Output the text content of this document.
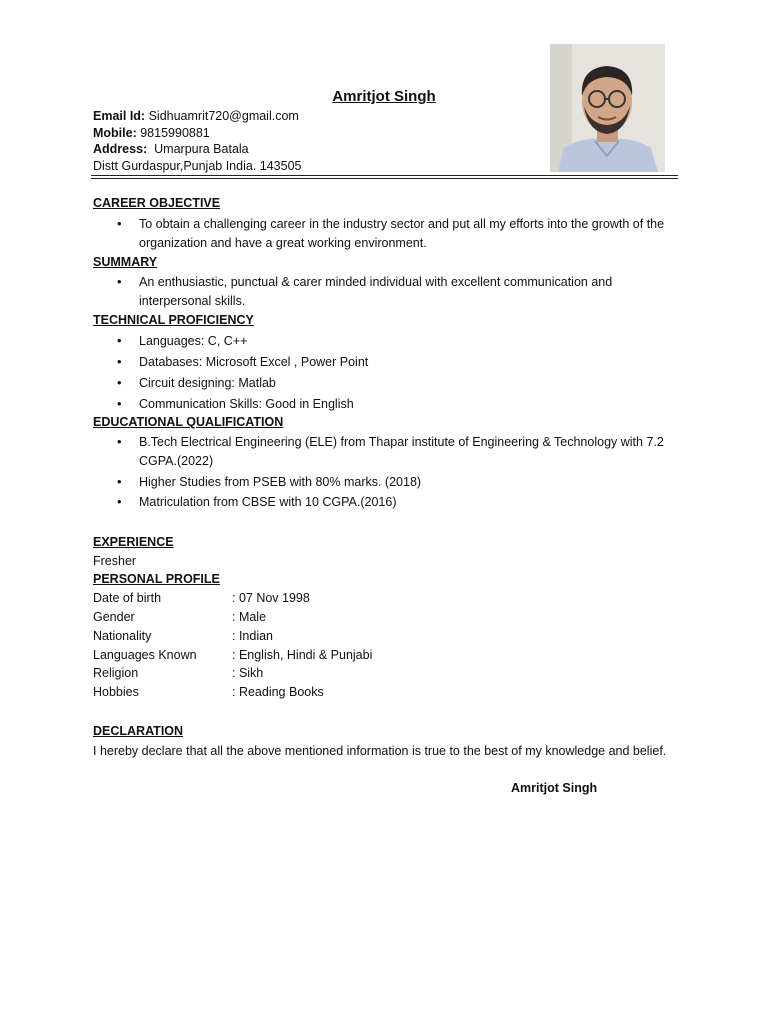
Amritjot Singh
Email Id: Sidhuamrit720@gmail.com
Mobile: 9815990881
Address: Umarpura Batala
Distt Gurdaspur,Punjab India. 143505
CAREER OBJECTIVE
• To obtain a challenging career in the industry sector and put all my efforts into the growth of the organization and have a great working environment.
SUMMARY
• An enthusiastic, punctual & carer minded individual with excellent communication and interpersonal skills.
TECHNICAL PROFICIENCY
• Languages: C, C++
• Databases: Microsoft Excel , Power Point
• Circuit designing: Matlab
• Communication Skills: Good in English
EDUCATIONAL QUALIFICATION
• B.Tech Electrical Engineering (ELE) from Thapar institute of Engineering & Technology with 7.2 CGPA.(2022)
• Higher Studies from PSEB with 80% marks. (2018)
• Matriculation from CBSE with 10 CGPA.(2016)
EXPERIENCE
Fresher
PERSONAL PROFILE
Date of birth	: 07 Nov 1998
Gender	: Male
Nationality	: Indian
Languages Known	: English, Hindi & Punjabi
Religion	: Sikh
Hobbies	: Reading Books
DECLARATION
I hereby declare that all the above mentioned information is true to the best of my knowledge and belief.
Amritjot Singh
